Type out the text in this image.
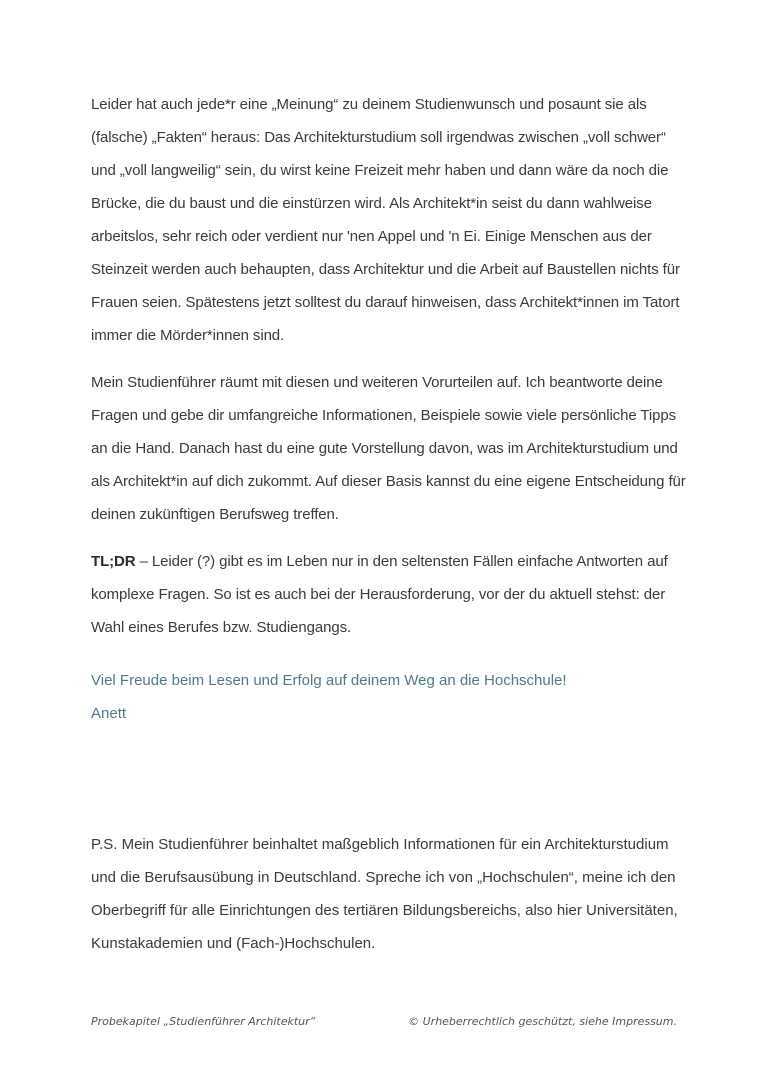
Leider hat auch jede*r eine „Meinung“ zu deinem Studienwunsch und posaunt sie als (falsche) „Fakten“ heraus: Das Architekturstudium soll irgendwas zwischen „voll schwer“ und „voll langweilig“ sein, du wirst keine Freizeit mehr haben und dann wäre da noch die Brücke, die du baust und die einstürzen wird. Als Architekt*in seist du dann wahlweise arbeitslos, sehr reich oder verdient nur 'nen Appel und 'n Ei. Einige Menschen aus der Steinzeit werden auch behaupten, dass Architektur und die Arbeit auf Baustellen nichts für Frauen seien. Spätestens jetzt solltest du darauf hinweisen, dass Architekt*innen im Tatort immer die Mörder*innen sind.

Mein Studienführer räumt mit diesen und weiteren Vorurteilen auf. Ich beantworte deine Fragen und gebe dir umfangreiche Informationen, Beispiele sowie viele persönliche Tipps an die Hand. Danach hast du eine gute Vorstellung davon, was im Architekturstudium und als Architekt*in auf dich zukommt. Auf dieser Basis kannst du eine eigene Entscheidung für deinen zukünftigen Berufsweg treffen.

TL;DR – Leider (?) gibt es im Leben nur in den seltensten Fällen einfache Antworten auf komplexe Fragen. So ist es auch bei der Herausforderung, vor der du aktuell stehst: der Wahl eines Berufes bzw. Studiengangs.

Viel Freude beim Lesen und Erfolg auf deinem Weg an die Hochschule!
Anett

P.S. Mein Studienführer beinhaltet maßgeblich Informationen für ein Architekturstudium und die Berufsausübung in Deutschland. Spreche ich von „Hochschulen“, meine ich den Oberbegriff für alle Einrichtungen des tertiären Bildungsbereichs, also hier Universitäten, Kunstakademien und (Fach-)Hochschulen.

Probekapitel „Studienführer Architektur“	© Urheberrechtlich geschützt, siehe Impressum.
